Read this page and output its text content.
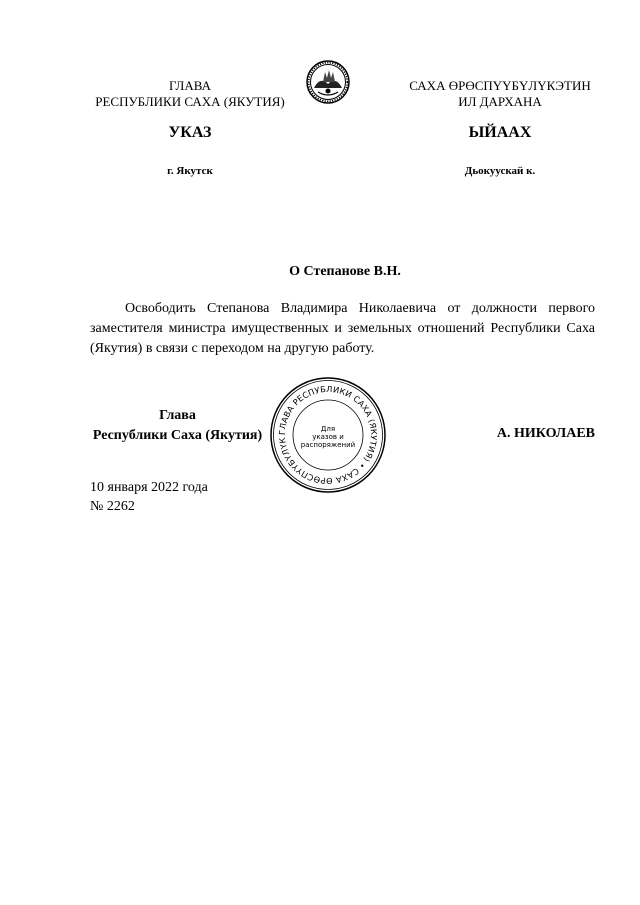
ГЛАВА
РЕСПУБЛИКИ САХА (ЯКУТИЯ)
САХА ӨРӨСПҮҮБҮЛҮКЭТИН
ИЛ ДАРХАНА
УКАЗ	ЫЙААХ
г. Якутск	Дьокуускай к.
О Степанове В.Н.
Освободить Степанова Владимира Николаевича от должности первого заместителя министра имущественных и земельных отношений Республики Саха (Якутия) в связи с переходом на другую работу.
Глава
Республики Саха (Якутия)	ГЛАВА РЕСПУБЛИКИ САХА (ЯКУТИЯ) • САХА ӨРӨСПҮҮБҮЛҮК
Для
указов и
распоряжений
А. НИКОЛАЕВ
10 января 2022 года
№ 2262
